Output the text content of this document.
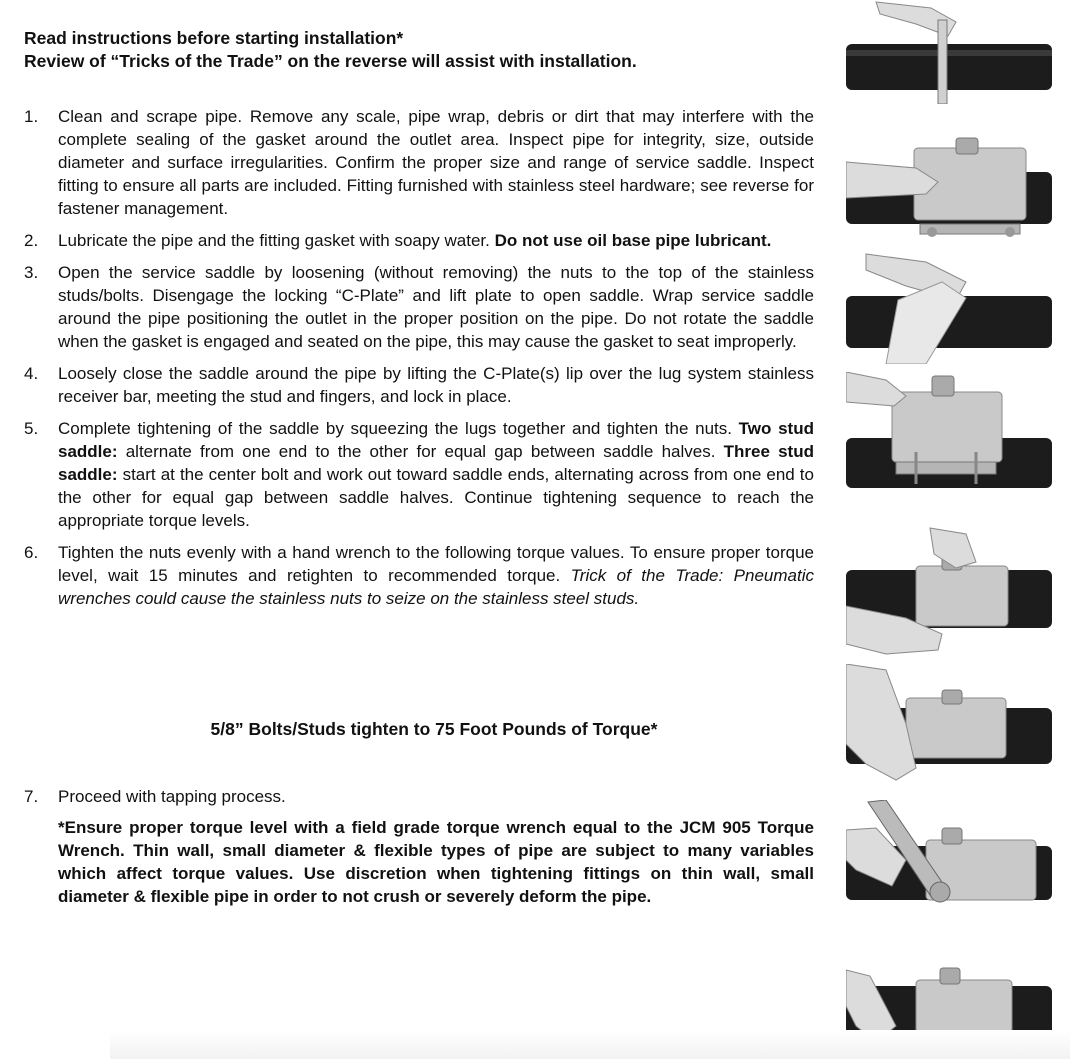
Read instructions before starting installation*
Review of “Tricks of the Trade” on the reverse will assist with installation.
1.	Clean and scrape pipe. Remove any scale, pipe wrap, debris or dirt that may interfere with the complete sealing of the gasket around the outlet area. Inspect pipe for integrity, size, outside diameter and surface irregularities. Confirm the proper size and range of service saddle. Inspect fitting to ensure all parts are included. Fitting furnished with stainless steel hardware; see reverse for fastener management.
2.	Lubricate the pipe and the fitting gasket with soapy water. Do not use oil base pipe lubricant.
3.	Open the service saddle by loosening (without removing) the nuts to the top of the stainless studs/bolts. Disengage the locking “C-Plate” and lift plate to open saddle. Wrap service saddle around the pipe positioning the outlet in the proper position on the pipe. Do not rotate the saddle when the gasket is engaged and seated on the pipe, this may cause the gasket to seat improperly.
4.	Loosely close the saddle around the pipe by lifting the C-Plate(s) lip over the lug system stainless receiver bar, meeting the stud and fingers, and lock in place.
5.	Complete tightening of the saddle by squeezing the lugs together and tighten the nuts. Two stud saddle: alternate from one end to the other for equal gap between saddle halves. Three stud saddle: start at the center bolt and work out toward saddle ends, alternating across from one end to the other for equal gap between saddle halves. Continue tightening sequence to reach the appropriate torque levels.
6.	Tighten the nuts evenly with a hand wrench to the following torque values. To ensure proper torque level, wait 15 minutes and retighten to recommended torque. Trick of the Trade: Pneumatic wrenches could cause the stainless nuts to seize on the stainless steel studs.
5/8” Bolts/Studs tighten to 75 Foot Pounds of Torque*
7.	Proceed with tapping process.
*Ensure proper torque level with a field grade torque wrench equal to the JCM 905 Torque Wrench. Thin wall, small diameter & flexible types of pipe are subject to many variables which affect torque values. Use discretion when tightening fittings on thin wall, small diameter & flexible pipe in order to not crush or severely deform the pipe.
